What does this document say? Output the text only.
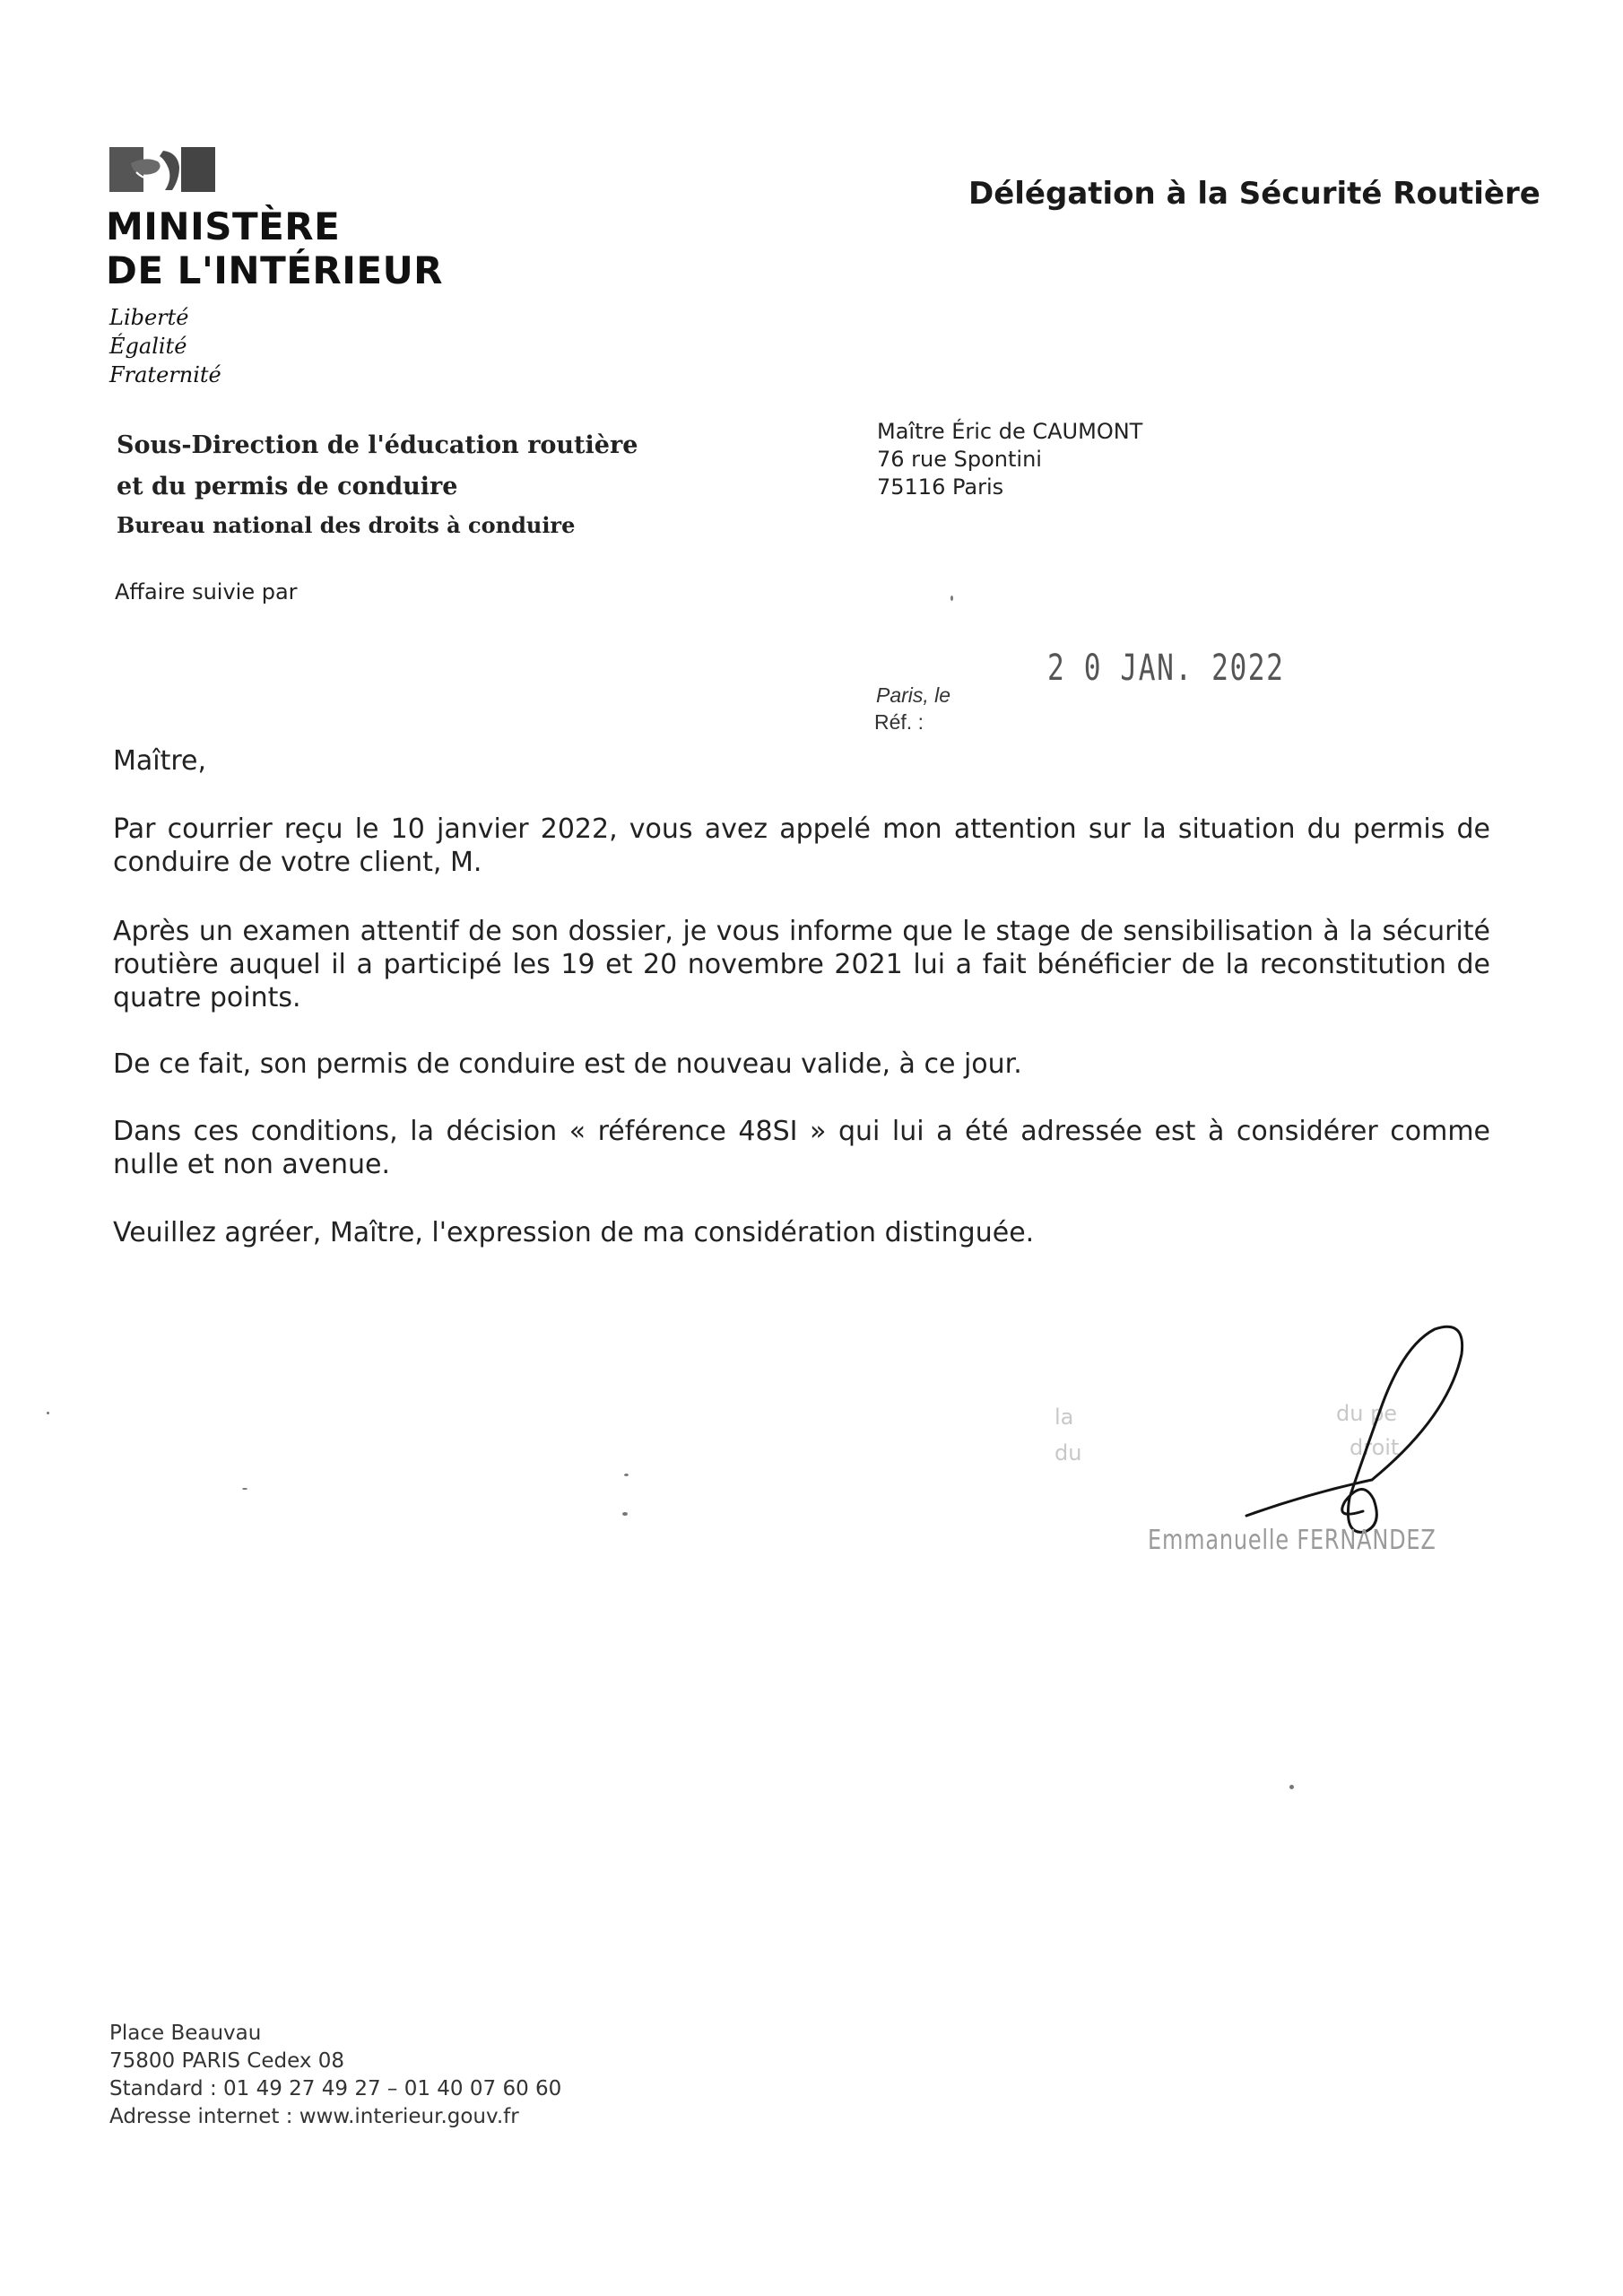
MINISTÈRE
DE L'INTÉRIEUR
Liberté
Égalité
Fraternité
Délégation à la Sécurité Routière
Sous-Direction de l'éducation routière
et du permis de conduire
Bureau national des droits à conduire
Affaire suivie par
Maître Éric de CAUMONT
76 rue Spontini
75116 Paris
2 0 JAN. 2022
Paris, le
Réf. :
Maître,
Par courrier reçu le 10 janvier 2022, vous avez appelé mon attention sur la situation du permis de conduire de votre client, M.
Après un examen attentif de son dossier, je vous informe que le stage de sensibilisation à la sécurité routière auquel il a participé les 19 et 20 novembre 2021 lui a fait bénéficier de la reconstitution de quatre points.
De ce fait, son permis de conduire est de nouveau valide, à ce jour.
Dans ces conditions, la décision « référence 48SI » qui lui a été adressée est à considérer comme nulle et non avenue.
Veuillez agréer, Maître, l'expression de ma considération distinguée.
la
du
du pe
droit
Emmanuelle FERNANDEZ
Place Beauvau
75800 PARIS Cedex 08
Standard : 01 49 27 49 27 – 01 40 07 60 60
Adresse internet : www.interieur.gouv.fr
